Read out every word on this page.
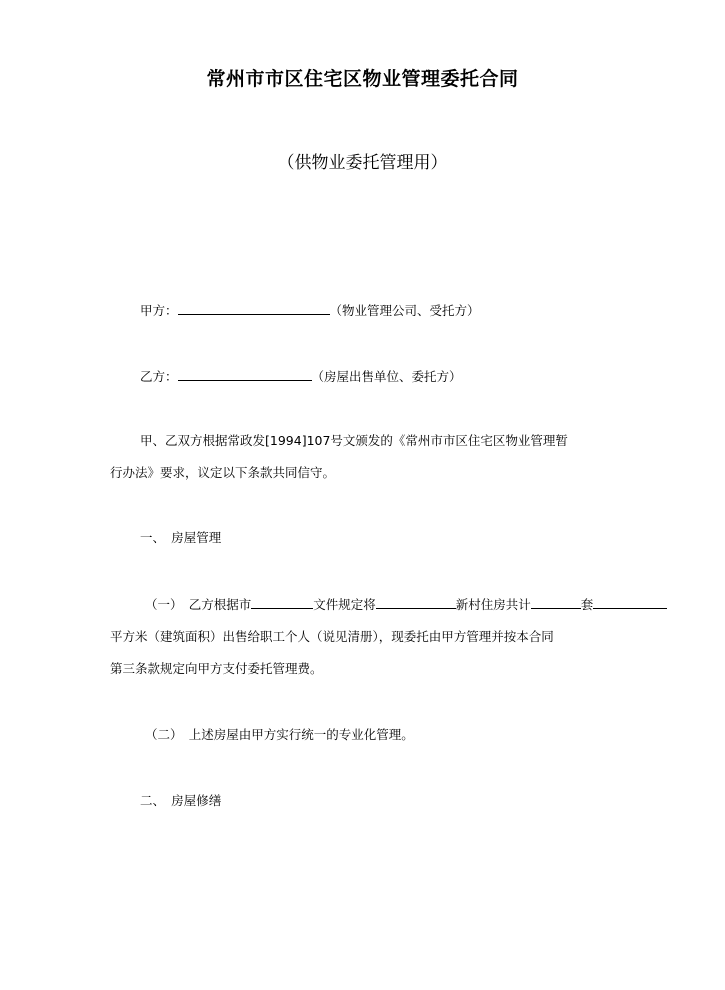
常州市市区住宅区物业管理委托合同
（供物业委托管理用）
甲方：	（物业管理公司、受托方）
乙方：	（房屋出售单位、委托方）
甲、乙双方根据常政发[1994]107号文颁发的《常州市市区住宅区物业管理暂
行办法》要求，议定以下条款共同信守。
一、　房屋管理
（一）　乙方根据市	文件规定将	新村住房共计	套
平方米（建筑面积）出售给职工个人（说见清册），现委托由甲方管理并按本合同
第三条款规定向甲方支付委托管理费。
（二）　上述房屋由甲方实行统一的专业化管理。
二、　房屋修缮
